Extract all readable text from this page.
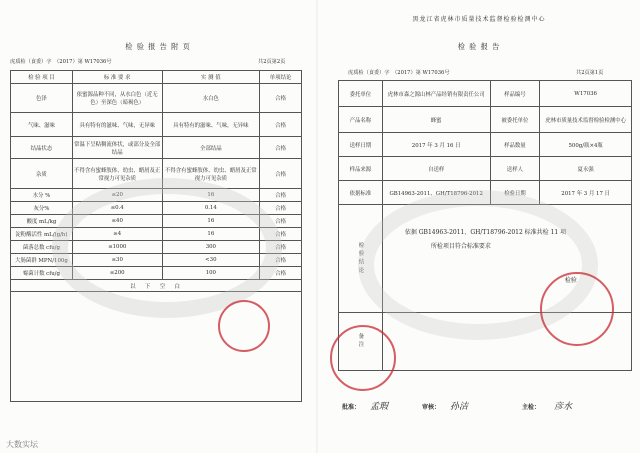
检 验 报 告 附 页
虎质检（食委）字　（2017）第 W17036号	共2页第2页
检 验 项 目	标 准 要 求	实 测 值	单项结论
色泽	依蜜源品种不同，从水白色（近无色）至深色（暗褐色）	水白色	合格
气味、滋味	具有特有的滋味、气味，无异味	具有特有的滋味、气味，无异味	合格
结晶状态	常温下呈粘稠流体状，或部分及全部结晶	全部结晶	合格
杂质	不得含有蜜蜂肢体、幼虫、蜡屑及正常视力可见杂质	不得含有蜜蜂肢体、幼虫、蜡屑及正常视力可见杂质	合格
水分 %	≤20	16	合格
灰分%	≤0.4	0.14	合格
酸度 mL/kg	≤40	16	合格
淀粉酶活性 mL/(g/h)	≥4	16	合格
菌落总数 cfu/g	≤1000	300	合格
大肠菌群 MPN/100g	≤30	<30	合格
霉菌计数 cfu/g	≤200	100	合格
以　下　空　白			

黑龙江省虎林市质量技术监督检验检测中心
检 验 报 告
虎质检（食委）字　（2017）第 W17036号	共2页第1页
委托单位	虎林市森之源山林产品经销有限责任公司	样品编号	W17036
产品名称	蜂蜜	被委托单位	虎林市质量技术监督检验检测中心
送样日期	2017 年 3 月 16 日	样品数量	500g/瓶×4瓶
样品来源	自送样	送样人	夏永强
依据标准	GB14963-2011、GH/T18796-2012	检验日期	2017 年 3 月 17 日
检验结论	依据 GB14963-2011、GH/T18796-2012 标准共检 11 项
所检项目符合标准要求
检验		

备注			
批准： 孟瑕	审核： 孙洁	主检： 彦水
大数实坛
